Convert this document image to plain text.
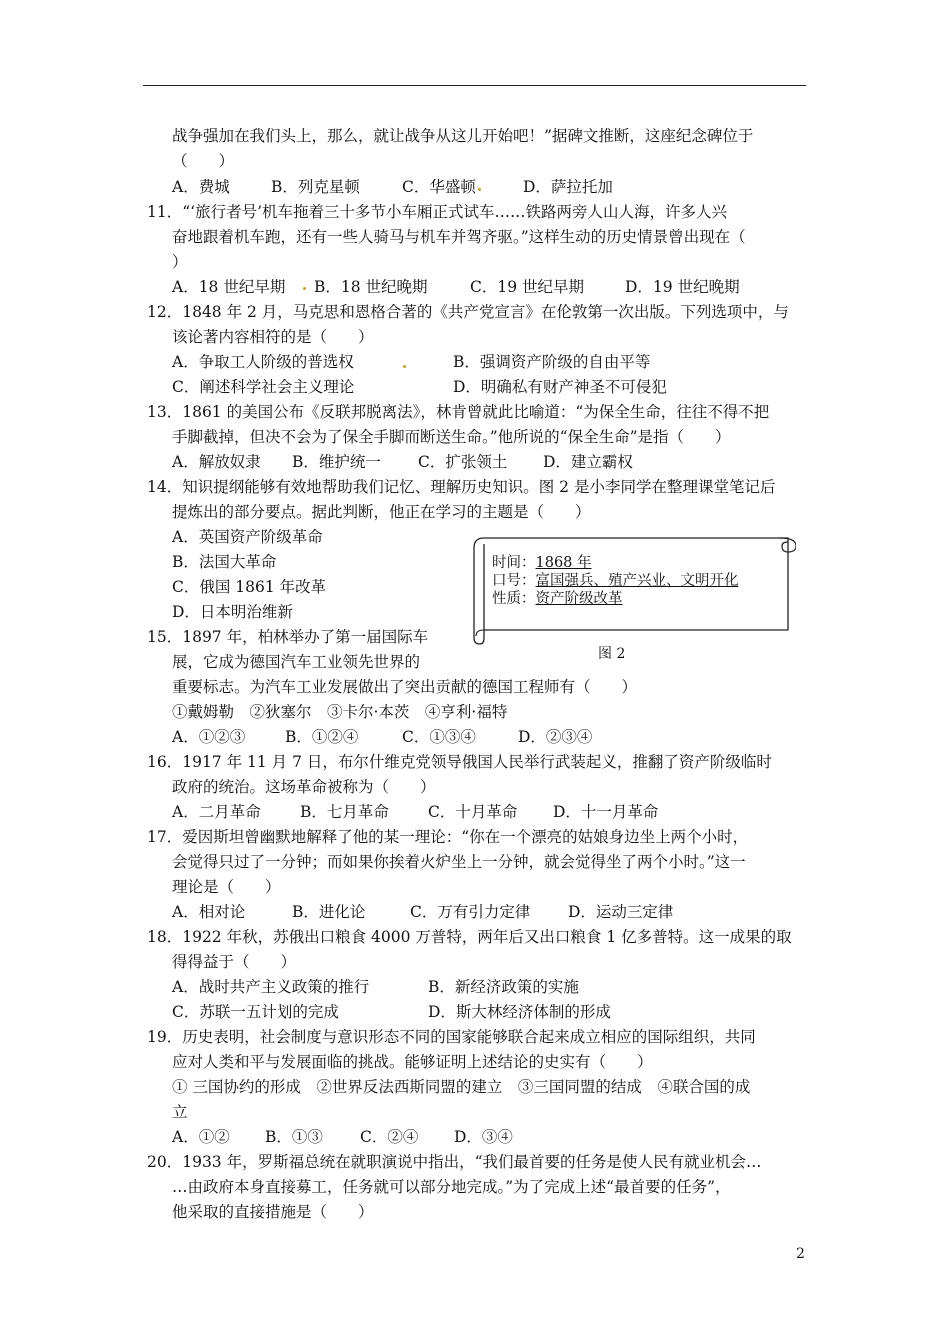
战争强加在我们头上，那么，就让战争从这儿开始吧！”据碑文推断，这座纪念碑位于
（　　）
A．费城	B．列克星顿	C．华盛顿	D．萨拉托加
11．“‘旅行者号’机车拖着三十多节小车厢正式试车……铁路两旁人山人海，许多人兴
奋地跟着机车跑，还有一些人骑马与机车并驾齐驱。”这样生动的历史情景曾出现在（
）
A．18 世纪早期 B．18 世纪晚期	C．19 世纪早期	D．19 世纪晚期
12．1848 年 2 月，马克思和恩格合著的《共产党宣言》在伦敦第一次出版。下列选项中，与
该论著内容相符的是（　　）
A．争取工人阶级的普选权	B．强调资产阶级的自由平等
C．阐述科学社会主义理论	D．明确私有财产神圣不可侵犯
13．1861 的美国公布《反联邦脱离法》，林肯曾就此比喻道：“为保全生命，往往不得不把
手脚截掉，但决不会为了保全手脚而断送生命。”他所说的“保全生命”是指（　　）
A．解放奴隶 B．维护统一 C．扩张领土 D．建立霸权
14．知识提纲能够有效地帮助我们记忆、理解历史知识。图 2 是小李同学在整理课堂笔记后
提炼出的部分要点。据此判断，他正在学习的主题是（　　）
A．英国资产阶级革命
B．法国大革命
C．俄国 1861 年改革
D．日本明治维新
时间：1868 年
口号：富国强兵、殖产兴业、文明开化
性质：资产阶级改革
图 2
15．1897 年，柏林举办了第一届国际车
展，它成为德国汽车工业领先世界的
重要标志。为汽车工业发展做出了突出贡献的德国工程师有（　　）
①戴姆勒　②狄塞尔　③卡尔·本茨　④亨利·福特
A．①②③	B．①②④	C．①③④	D．②③④
16．1917 年 11 月 7 日，布尔什维克党领导俄国人民举行武装起义，推翻了资产阶级临时
政府的统治。这场革命被称为（　　）
A．二月革命	B．七月革命	C．十月革命 D．十一月革命
17．爱因斯坦曾幽默地解释了他的某一理论：“你在一个漂亮的姑娘身边坐上两个小时，
会觉得只过了一分钟；而如果你挨着火炉坐上一分钟，就会觉得坐了两个小时。”这一
理论是（　　）
A．相对论	B．进化论	C．万有引力定律 D．运动三定律
18．1922 年秋，苏俄出口粮食 4000 万普特，两年后又出口粮食 1 亿多普特。这一成果的取
得得益于（　　）
A．战时共产主义政策的推行	B．新经济政策的实施
C．苏联一五计划的完成	D．斯大林经济体制的形成
19．历史表明，社会制度与意识形态不同的国家能够联合起来成立相应的国际组织，共同
应对人类和平与发展面临的挑战。能够证明上述结论的史实有（　　）
① 三国协约的形成　②世界反法西斯同盟的建立　③三国同盟的结成　④联合国的成
立
A．①② B．①③ C．②④ D．③④
20．1933 年，罗斯福总统在就职演说中指出，“我们最首要的任务是使人民有就业机会…
…由政府本身直接募工，任务就可以部分地完成。”为了完成上述“最首要的任务”，
他采取的直接措施是（　　）
2
